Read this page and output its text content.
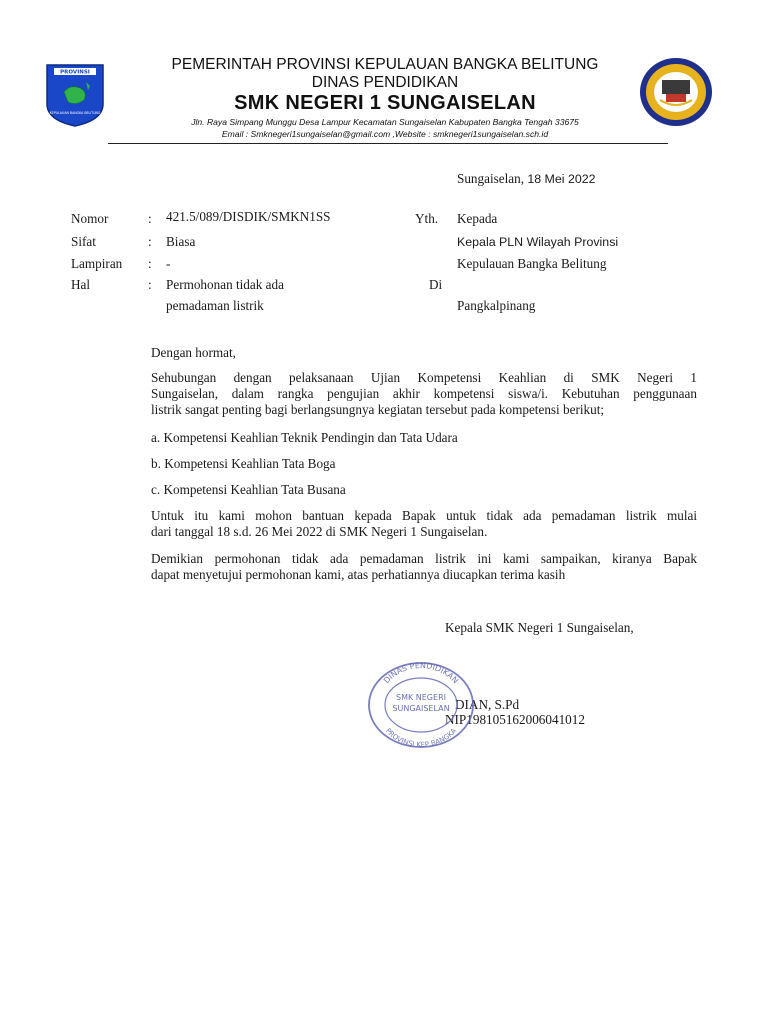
PROVINSI
KEPULAUAN BANGKA BELITUNG
PEMERINTAH PROVINSI KEPULAUAN BANGKA BELITUNG
DINAS PENDIDIKAN
SMK NEGERI 1 SUNGAISELAN
Jln. Raya Simpang Munggu Desa Lampur Kecamatan Sungaiselan Kabupaten Bangka Tengah 33675
Email : Smknegeri1sungaiselan@gmail.com ,Website : smknegeri1sungaiselan.sch.id
Sungaiselan, 18 Mei 2022
Nomor	: 421.5/089/DISDIK/SMKN1SS
Sifat	: Biasa
Lampiran : -
Hal	: Permohonan tidak ada
pemadaman listrik
Yth. Kepada
Kepala PLN Wilayah Provinsi
Kepulauan Bangka Belitung
Di
Pangkalpinang
Dengan hormat,
Sehubungan dengan pelaksanaan Ujian Kompetensi Keahlian di SMK Negeri 1
Sungaiselan, dalam rangka pengujian akhir kompetensi siswa/i. Kebutuhan penggunaan
listrik sangat penting bagi berlangsungnya kegiatan tersebut pada kompetensi berikut;
a. Kompetensi Keahlian Teknik Pendingin dan Tata Udara
b. Kompetensi Keahlian Tata Boga
c. Kompetensi Keahlian Tata Busana
Untuk itu kami mohon bantuan kepada Bapak untuk tidak ada pemadaman listrik mulai
dari tanggal 18 s.d. 26 Mei 2022 di SMK Negeri 1 Sungaiselan.
Demikian permohonan tidak ada pemadaman listrik ini kami sampaikan, kiranya Bapak
dapat menyetujui permohonan kami, atas perhatiannya diucapkan terima kasih
Kepala SMK Negeri 1 Sungaiselan,
DIAN, S.Pd
NIP198105162006041012
DINAS PENDIDIKAN
PROVINSI KEP BANGKA
SMK NEGERI
SUNGAISELAN
